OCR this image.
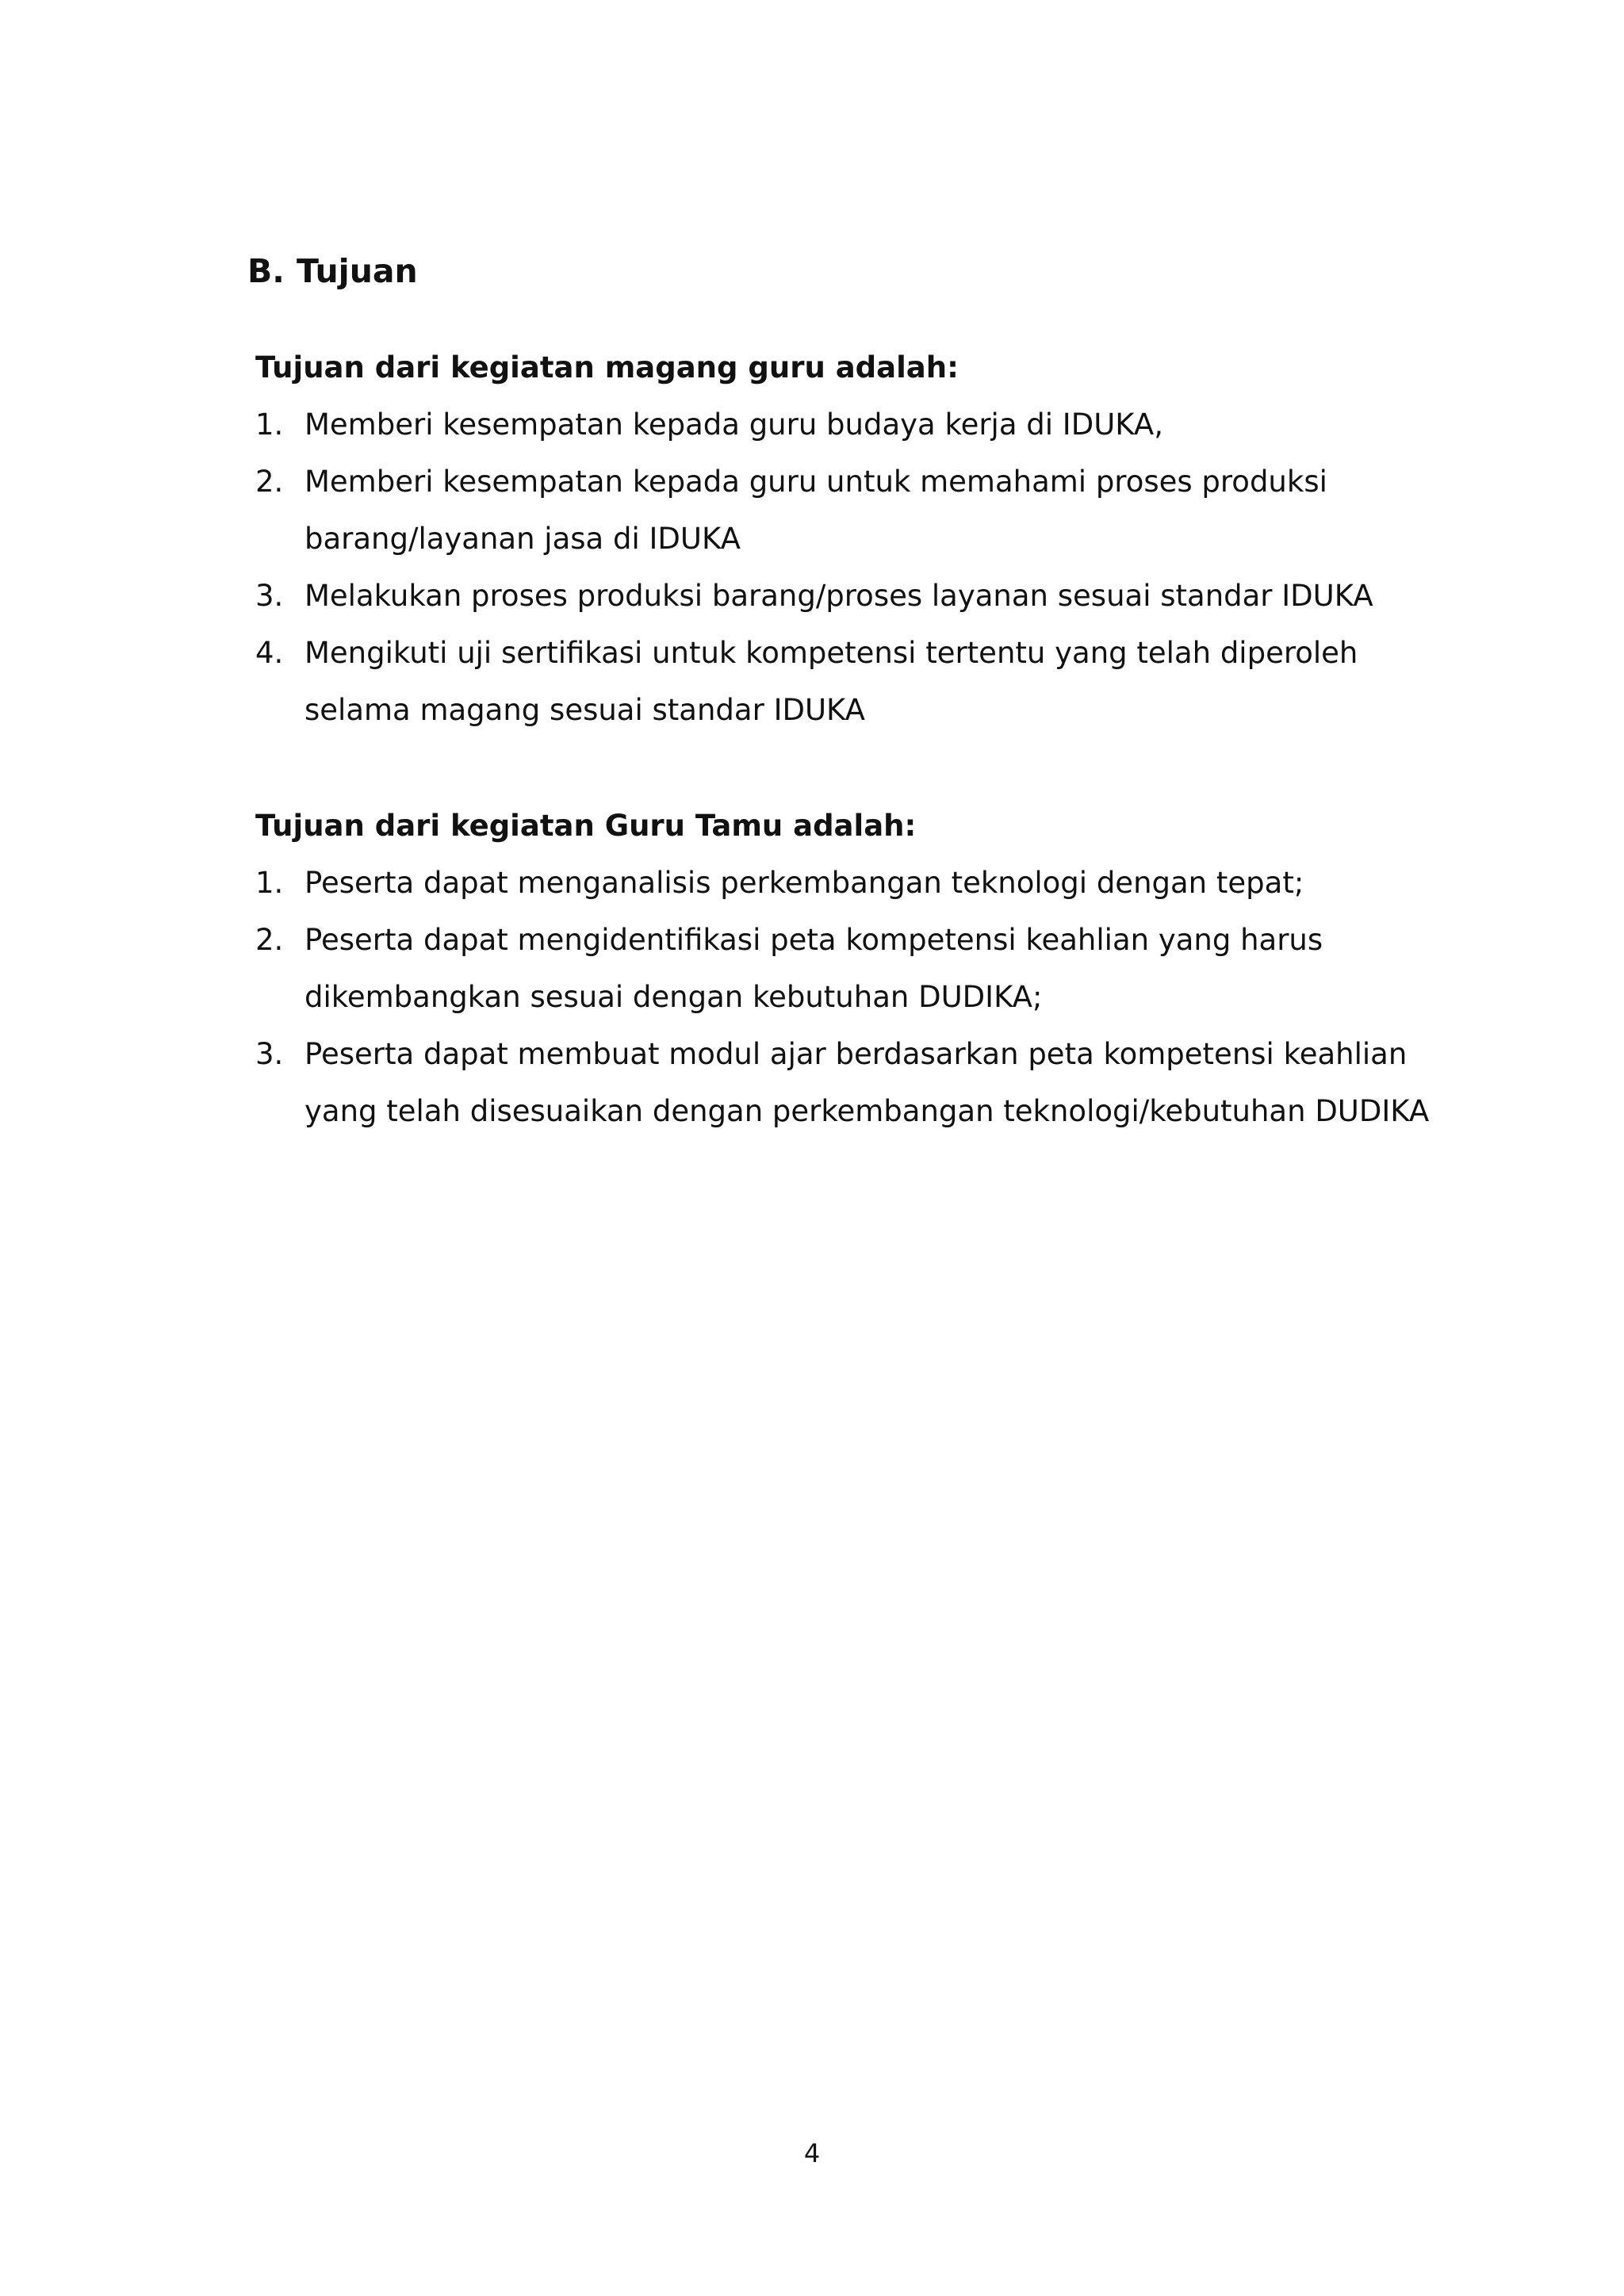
B. Tujuan

Tujuan dari kegiatan magang guru adalah:

1. Memberi kesempatan kepada guru budaya kerja di IDUKA,
2. Memberi kesempatan kepada guru untuk memahami proses produksi
barang/layanan jasa di IDUKA
3. Melakukan proses produksi barang/proses layanan sesuai standar IDUKA
4. Mengikuti uji sertifikasi untuk kompetensi tertentu yang telah diperoleh
selama magang sesuai standar IDUKA

Tujuan dari kegiatan Guru Tamu adalah:

1. Peserta dapat menganalisis perkembangan teknologi dengan tepat;
2. Peserta dapat mengidentifikasi peta kompetensi keahlian yang harus
dikembangkan sesuai dengan kebutuhan DUDIKA;
3. Peserta dapat membuat modul ajar berdasarkan peta kompetensi keahlian
yang telah disesuaikan dengan perkembangan teknologi/kebutuhan DUDIKA

4
